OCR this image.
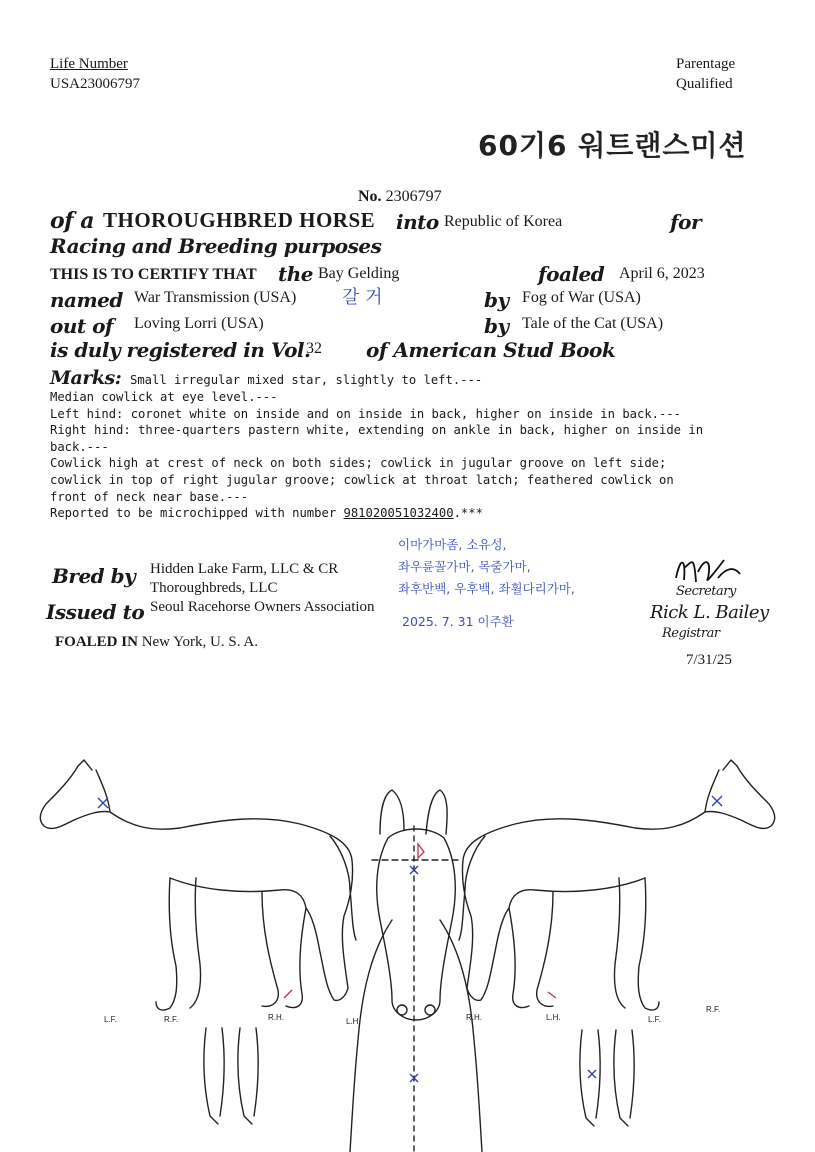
Life Number
USA23006797
Parentage
Qualified
60기6 워트랜스미션
No. 2306797
of a THOROUGHBRED HORSE into Republic of Korea	for
Racing and Breeding purposes
THIS IS TO CERTIFY THAT the Bay Gelding	foaled April 6, 2023
named War Transmission (USA)	갈 거	by Fog of War (USA)
out of Loving Lorri (USA)	by Tale of the Cat (USA)
is duly registered in Vol.
32 of American Stud Book
Marks: Small irregular mixed star, slightly to left.---
Median cowlick at eye level.---
Left hind: coronet white on inside and on inside in back, higher on inside in back.---
Right hind: three-quarters pastern white, extending on ankle in back, higher on inside in
back.---
Cowlick high at crest of neck on both sides; cowlick in jugular groove on left side;
cowlick in top of right jugular groove; cowlick at throat latch; feathered cowlick on
front of neck near base.---
Reported to be microchipped with number 981020051032400.***
Bred by Hidden Lake Farm, LLC & CR
Thoroughbreds, LLC
Issued to Seoul Racehorse Owners Association
FOALED IN New York, U. S. A.
이마가마좀, 소유성,
좌우륜꼴가마, 목줄가마,
좌후반백, 우후백, 좌휠다리가마,
2025. 7. 31 이주환
Secretary
Rick L. Bailey
Registrar
7/31/25
L.F.	R.F.	R.H.	L.H.	R.H.	L.H.	L.F.
R.F.
